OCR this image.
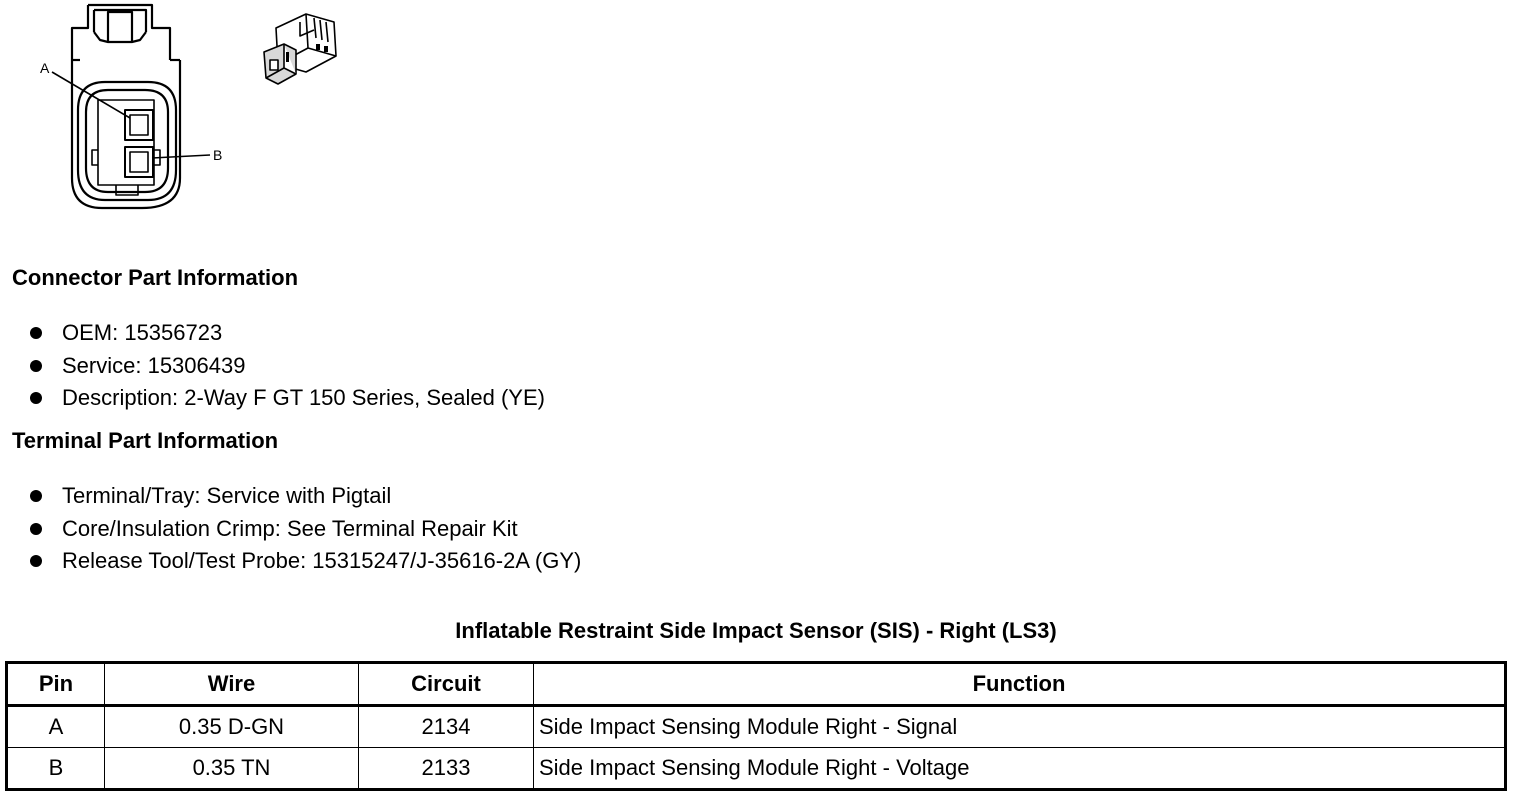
A
B
Connector Part Information
OEM: 15356723
Service: 15306439
Description: 2-Way F GT 150 Series, Sealed (YE)
Terminal Part Information
Terminal/Tray: Service with Pigtail
Core/Insulation Crimp: See Terminal Repair Kit
Release Tool/Test Probe: 15315247/J-35616-2A (GY)
Inflatable Restraint Side Impact Sensor (SIS) - Right (LS3)
Pin	Wire	Circuit	Function
A	0.35 D-GN	2134	Side Impact Sensing Module Right - Signal
B	0.35 TN	2133	Side Impact Sensing Module Right - Voltage
